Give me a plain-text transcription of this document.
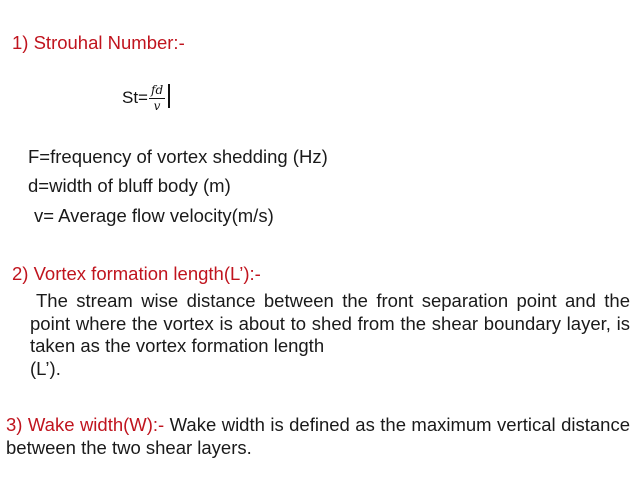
1) Strouhal Number:-
$St= \frac{fd}{v}$
F=frequency of vortex shedding (Hz)
d=width of bluff body (m)
v= Average flow velocity(m/s)
2) Vortex formation length(L’):-
The stream wise distance between the front separation point and the point where the vortex is about to shed from the shear boundary layer, is taken as the vortex formation length
(L’).
3) Wake width(W):- Wake width is defined as the maximum vertical distance between the two shear layers.
